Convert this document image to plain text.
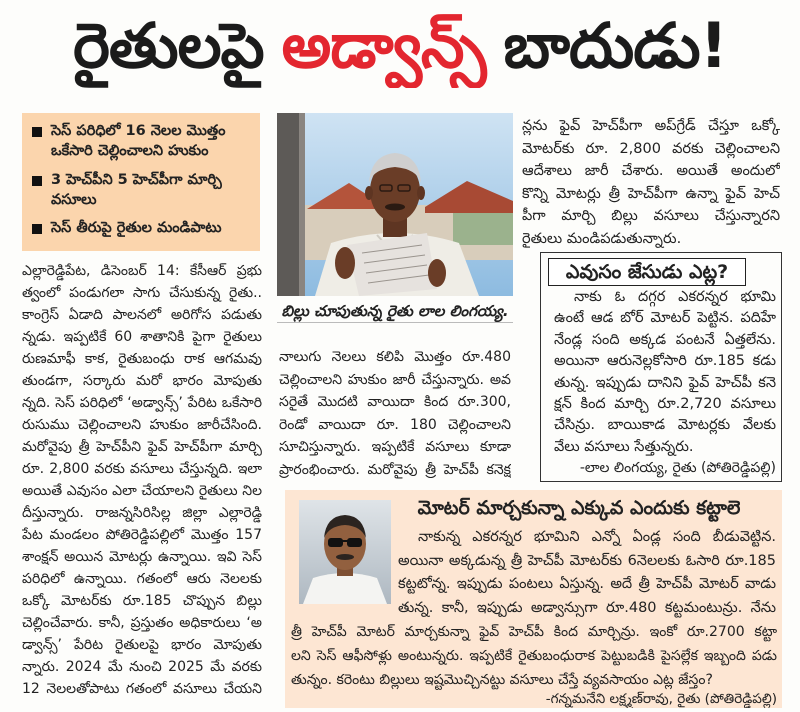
రైతులపై అడ్వాన్స్ బాదుడు!
సెస్ పరిధిలో 16 నెలల మొత్తం ఒకేసారి చెల్లించాలని హుకుం
3 హెచ్‌పీని 5 హెచ్‌పీగా మార్చి వసూలు
సెస్ తీరుపై రైతుల మండిపాటు
బిల్లు చూపుతున్న రైతు లాల లింగయ్య.
ఎల్లారెడ్డిపేట, డిసెంబర్ 14: కేసీఆర్ ప్రభు
త్వంలో పండుగలా సాగు చేసుకున్న రైతు..
కాంగ్రెస్ ఏడాది పాలనలో అరిగోస పడుతు
న్నడు. ఇప్పటికే 60 శాతానికి పైగా రైతులు
రుణమాఫీ కాక, రైతుబంధు రాక ఆగమవు
తుండగా, సర్కారు మరో భారం మోపుతు
న్నది. సెస్ పరిధిలో ‘అడ్వాన్స్’ పేరిట ఒకేసారి
రుసుము చెల్లించాలని హుకుం జారీచేసింది.
మరోవైపు త్రీ హెచ్‌పీని ఫైవ్ హెచ్‌పీగా మార్చి
రూ. 2,800 వరకు వసూలు చేస్తున్నది. ఇలా
అయితే ఎవుసం ఎలా చేయాలని రైతులు నిల
దీస్తున్నారు. రాజన్నసిరిసిల్ల జిల్లా ఎల్లారెడ్డి
పేట మండలం పోతిరెడ్డిపల్లిలో మొత్తం 157
శాంక్షన్ అయిన మోటర్లు ఉన్నాయి. ఇవి సెస్
పరిధిలో ఉన్నాయి. గతంలో ఆరు నెలలకు
ఒక్కో మోటర్‌కు రూ.185 చొప్పున బిల్లు
చెల్లించేవారు. కానీ, ప్రస్తుతం అధికారులు ‘అ
డ్వాన్స్’ పేరిట రైతులపై భారం మోపుతు
న్నారు. 2024 మే నుంచి 2025 మే వరకు
12 నెలలతోపాటు గతంలో వసూలు చేయని
నాలుగు నెలలు కలిపి మొత్తం రూ.480
చెల్లించాలని హుకుం జారీ చేస్తున్నారు. అవ
సరైతే మొదటి వాయిదా కింద రూ.300,
రెండో వాయిదా రూ. 180 చెల్లించాలని
సూచిస్తున్నారు. ఇప్పటికే వసూలు కూడా
ప్రారంభించారు. మరోవైపు త్రీ హెచ్‌పీ కనెక్ష
న్లను ఫైవ్ హెచ్‌పీగా అప్‌గ్రేడ్ చేస్తూ ఒక్కో
మోటర్‌కు రూ. 2,800 వరకు చెల్లించాలని
ఆదేశాలు జారీ చేశారు. అయితే అందులో
కొన్ని మోటర్లు త్రీ హెచ్‌పీగా ఉన్నా ఫైవ్ హెచ్
పీగా మార్చి బిల్లు వసూలు చేస్తున్నారని
రైతులు మండిపడుతున్నారు.
ఎవుసం జేసుడు ఎట్ల?
నాకు ఓ దగ్గర ఎకరన్నర భూమి
ఉంటే ఆడ బోర్ మోటర్ పెట్టిన. పదిహే
నేండ్ల సంది అక్కడ పంటనే ఏత్తలేను.
అయినా ఆరునెల్లకోసారి రూ.185 కడు
తున్న. ఇప్పుడు దానిని ఫైవ్ హెచ్‌పీ కనె
క్షన్ కింద మార్చి రూ.2,720 వసూలు
చేసిన్రు. బాయికాడ మోటర్లకు వేలకు
వేలు వసూలు సేత్తున్నరు.
-లాల లింగయ్య, రైతు (పోతిరెడ్డిపల్లి)
మోటర్ మార్చకున్నా ఎక్కువ ఎందుకు కట్టాలె
నాకున్న ఎకరన్నర భూమిని ఎన్నో ఏండ్ల సంది బీడువెట్టిన.
అయినా అక్కడున్న త్రీ హెచ్‌పీ మోటర్‌కు 6నెలలకు ఓసారి రూ.185
కట్టటోన్న. ఇప్పుడు పంటలు ఏస్తున్న. అదే త్రీ హెచ్‌పీ మోటర్ వాడు
తున్న. కానీ, ఇప్పుడు అడ్వాన్సుగా రూ.480 కట్టమంటున్రు. నేను
త్రీ హెచ్‌పీ మోటర్ మార్చకున్నా ఫైవ్ హెచ్‌పీ కింద మార్చిన్రు. ఇంకో రూ.2700 కట్టా
లని సెస్ ఆఫీసోళ్లు అంటున్నరు. ఇప్పటికే రైతుబంధురాక పెట్టుబడికి పైసల్లేక ఇబ్బంది పడు
తున్నం. కరెంటు బిల్లులు ఇష్టమొచ్చినట్టు వసూలు చేస్తే వ్యవసాయం ఎట్ల జేస్తం?
-గన్నమనేని లక్ష్మణ్‌రావు, రైతు (పోతిరెడ్డిపల్లి)
